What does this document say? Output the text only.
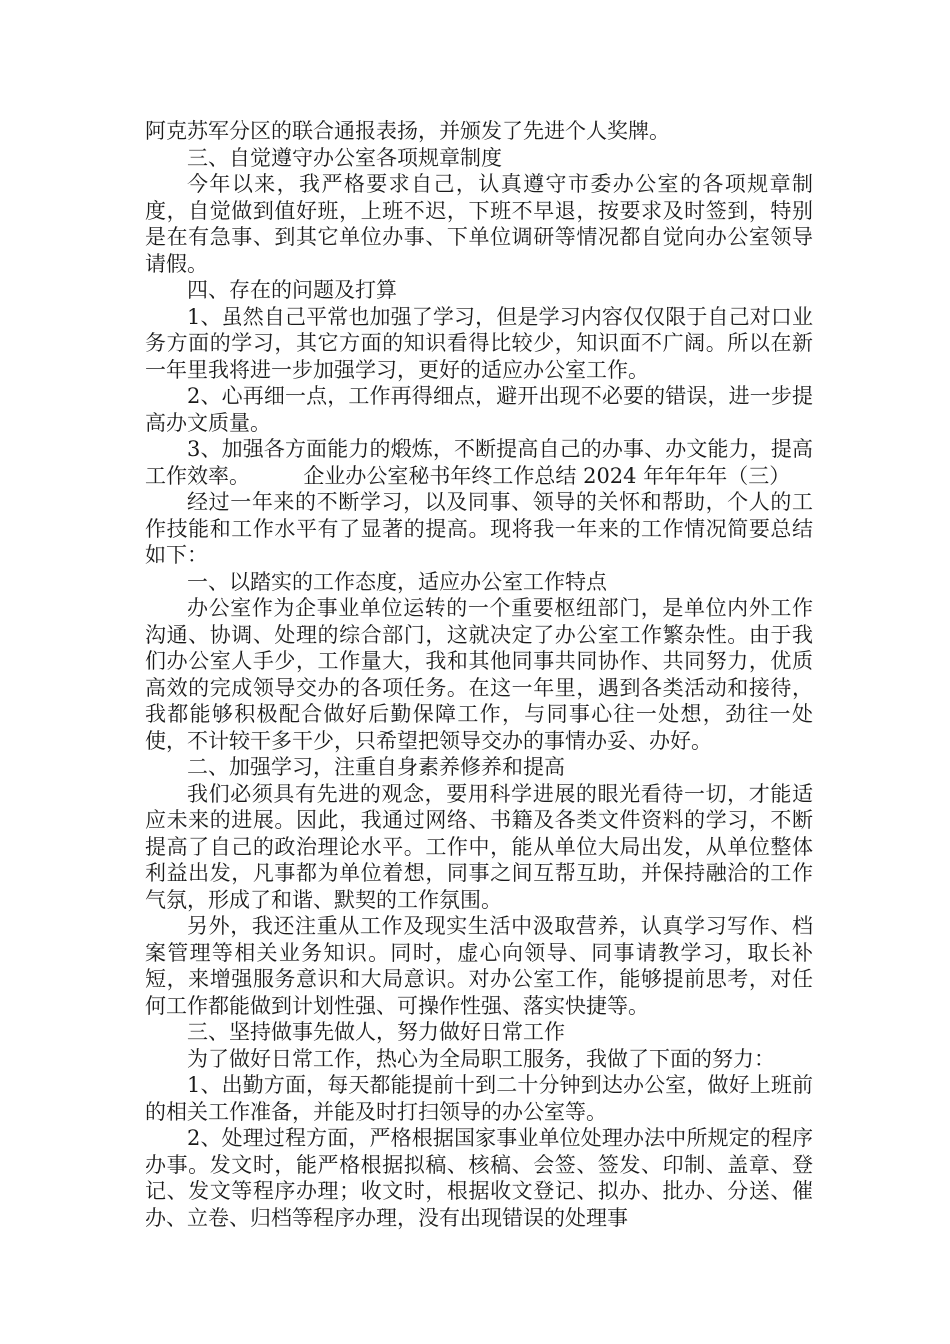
阿克苏军分区的联合通报表扬，并颁发了先进个人奖牌。

三、自觉遵守办公室各项规章制度

今年以来，我严格要求自己，认真遵守市委办公室的各项规章制度，自觉做到值好班，上班不迟，下班不早退，按要求及时签到，特别是在有急事、到其它单位办事、下单位调研等情况都自觉向办公室领导请假。

四、存在的问题及打算

1、虽然自己平常也加强了学习，但是学习内容仅仅限于自己对口业务方面的学习，其它方面的知识看得比较少，知识面不广阔。所以在新一年里我将进一步加强学习，更好的适应办公室工作。

2、心再细一点，工作再得细点，避开出现不必要的错误，进一步提高办文质量。

3、加强各方面能力的煅炼，不断提高自己的办事、办文能力，提高工作效率。	企业办公室秘书年终工作总结 2024 年年年年（三）

经过一年来的不断学习，以及同事、领导的关怀和帮助，个人的工作技能和工作水平有了显著的提高。现将我一年来的工作情况简要总结如下：

一、以踏实的工作态度，适应办公室工作特点

办公室作为企事业单位运转的一个重要枢纽部门，是单位内外工作沟通、协调、处理的综合部门，这就决定了办公室工作繁杂性。由于我们办公室人手少，工作量大，我和其他同事共同协作、共同努力，优质高效的完成领导交办的各项任务。在这一年里，遇到各类活动和接待，我都能够积极配合做好后勤保障工作，与同事心往一处想，劲往一处使，不计较干多干少，只希望把领导交办的事情办妥、办好。

二、加强学习，注重自身素养修养和提高

我们必须具有先进的观念，要用科学进展的眼光看待一切，才能适应未来的进展。因此，我通过网络、书籍及各类文件资料的学习，不断提高了自己的政治理论水平。工作中，能从单位大局出发，从单位整体利益出发，凡事都为单位着想，同事之间互帮互助，并保持融洽的工作气氛，形成了和谐、默契的工作氛围。

另外，我还注重从工作及现实生活中汲取营养，认真学习写作、档案管理等相关业务知识。同时，虚心向领导、同事请教学习，取长补短，来增强服务意识和大局意识。对办公室工作，能够提前思考，对任何工作都能做到计划性强、可操作性强、落实快捷等。

三、坚持做事先做人，努力做好日常工作

为了做好日常工作，热心为全局职工服务，我做了下面的努力：

1、出勤方面，每天都能提前十到二十分钟到达办公室，做好上班前的相关工作准备，并能及时打扫领导的办公室等。

2、处理过程方面，严格根据国家事业单位处理办法中所规定的程序办事。发文时，能严格根据拟稿、核稿、会签、签发、印制、盖章、登记、发文等程序办理；收文时，根据收文登记、拟办、批办、分送、催办、立卷、归档等程序办理，没有出现错误的处理事
